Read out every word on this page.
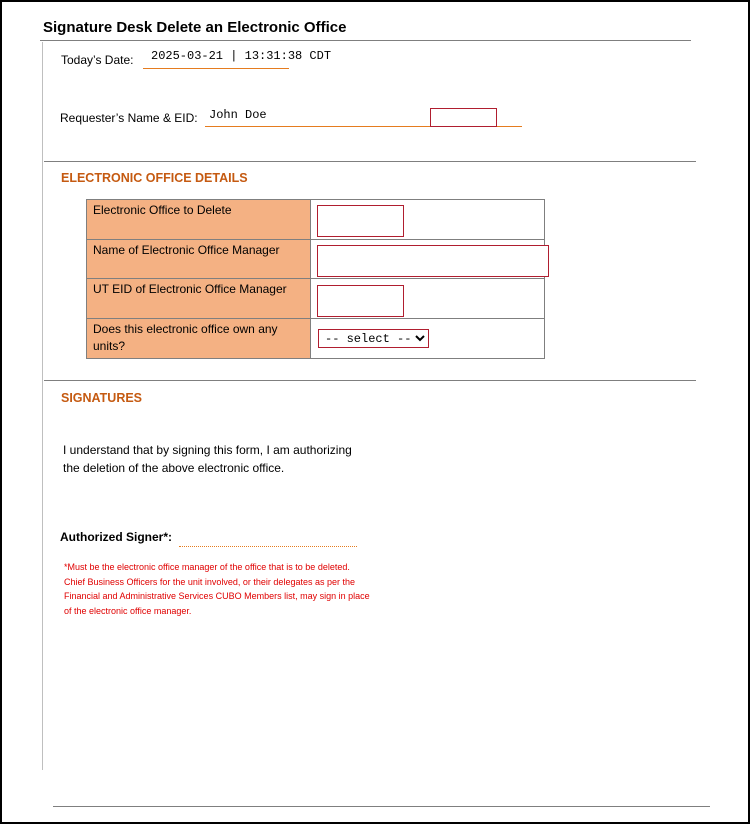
Signature Desk Delete an Electronic Office
Today’s Date: 2025-03-21 | 13:31:38 CDT
Requester’s Name & EID: John Doe
ELECTRONIC OFFICE DETAILS
Electronic Office to Delete	

Name of Electronic Office Manager	

UT EID of Electronic Office Manager	

Does this electronic office own any units?	
-- select --
SIGNATURES
I understand that by signing this form, I am authorizing
the deletion of the above electronic office.
Authorized Signer*:
*Must be the electronic office manager of the office that is to be deleted.
Chief Business Officers for the unit involved, or their delegates as per the
Financial and Administrative Services CUBO Members list, may sign in place
of the electronic office manager.
